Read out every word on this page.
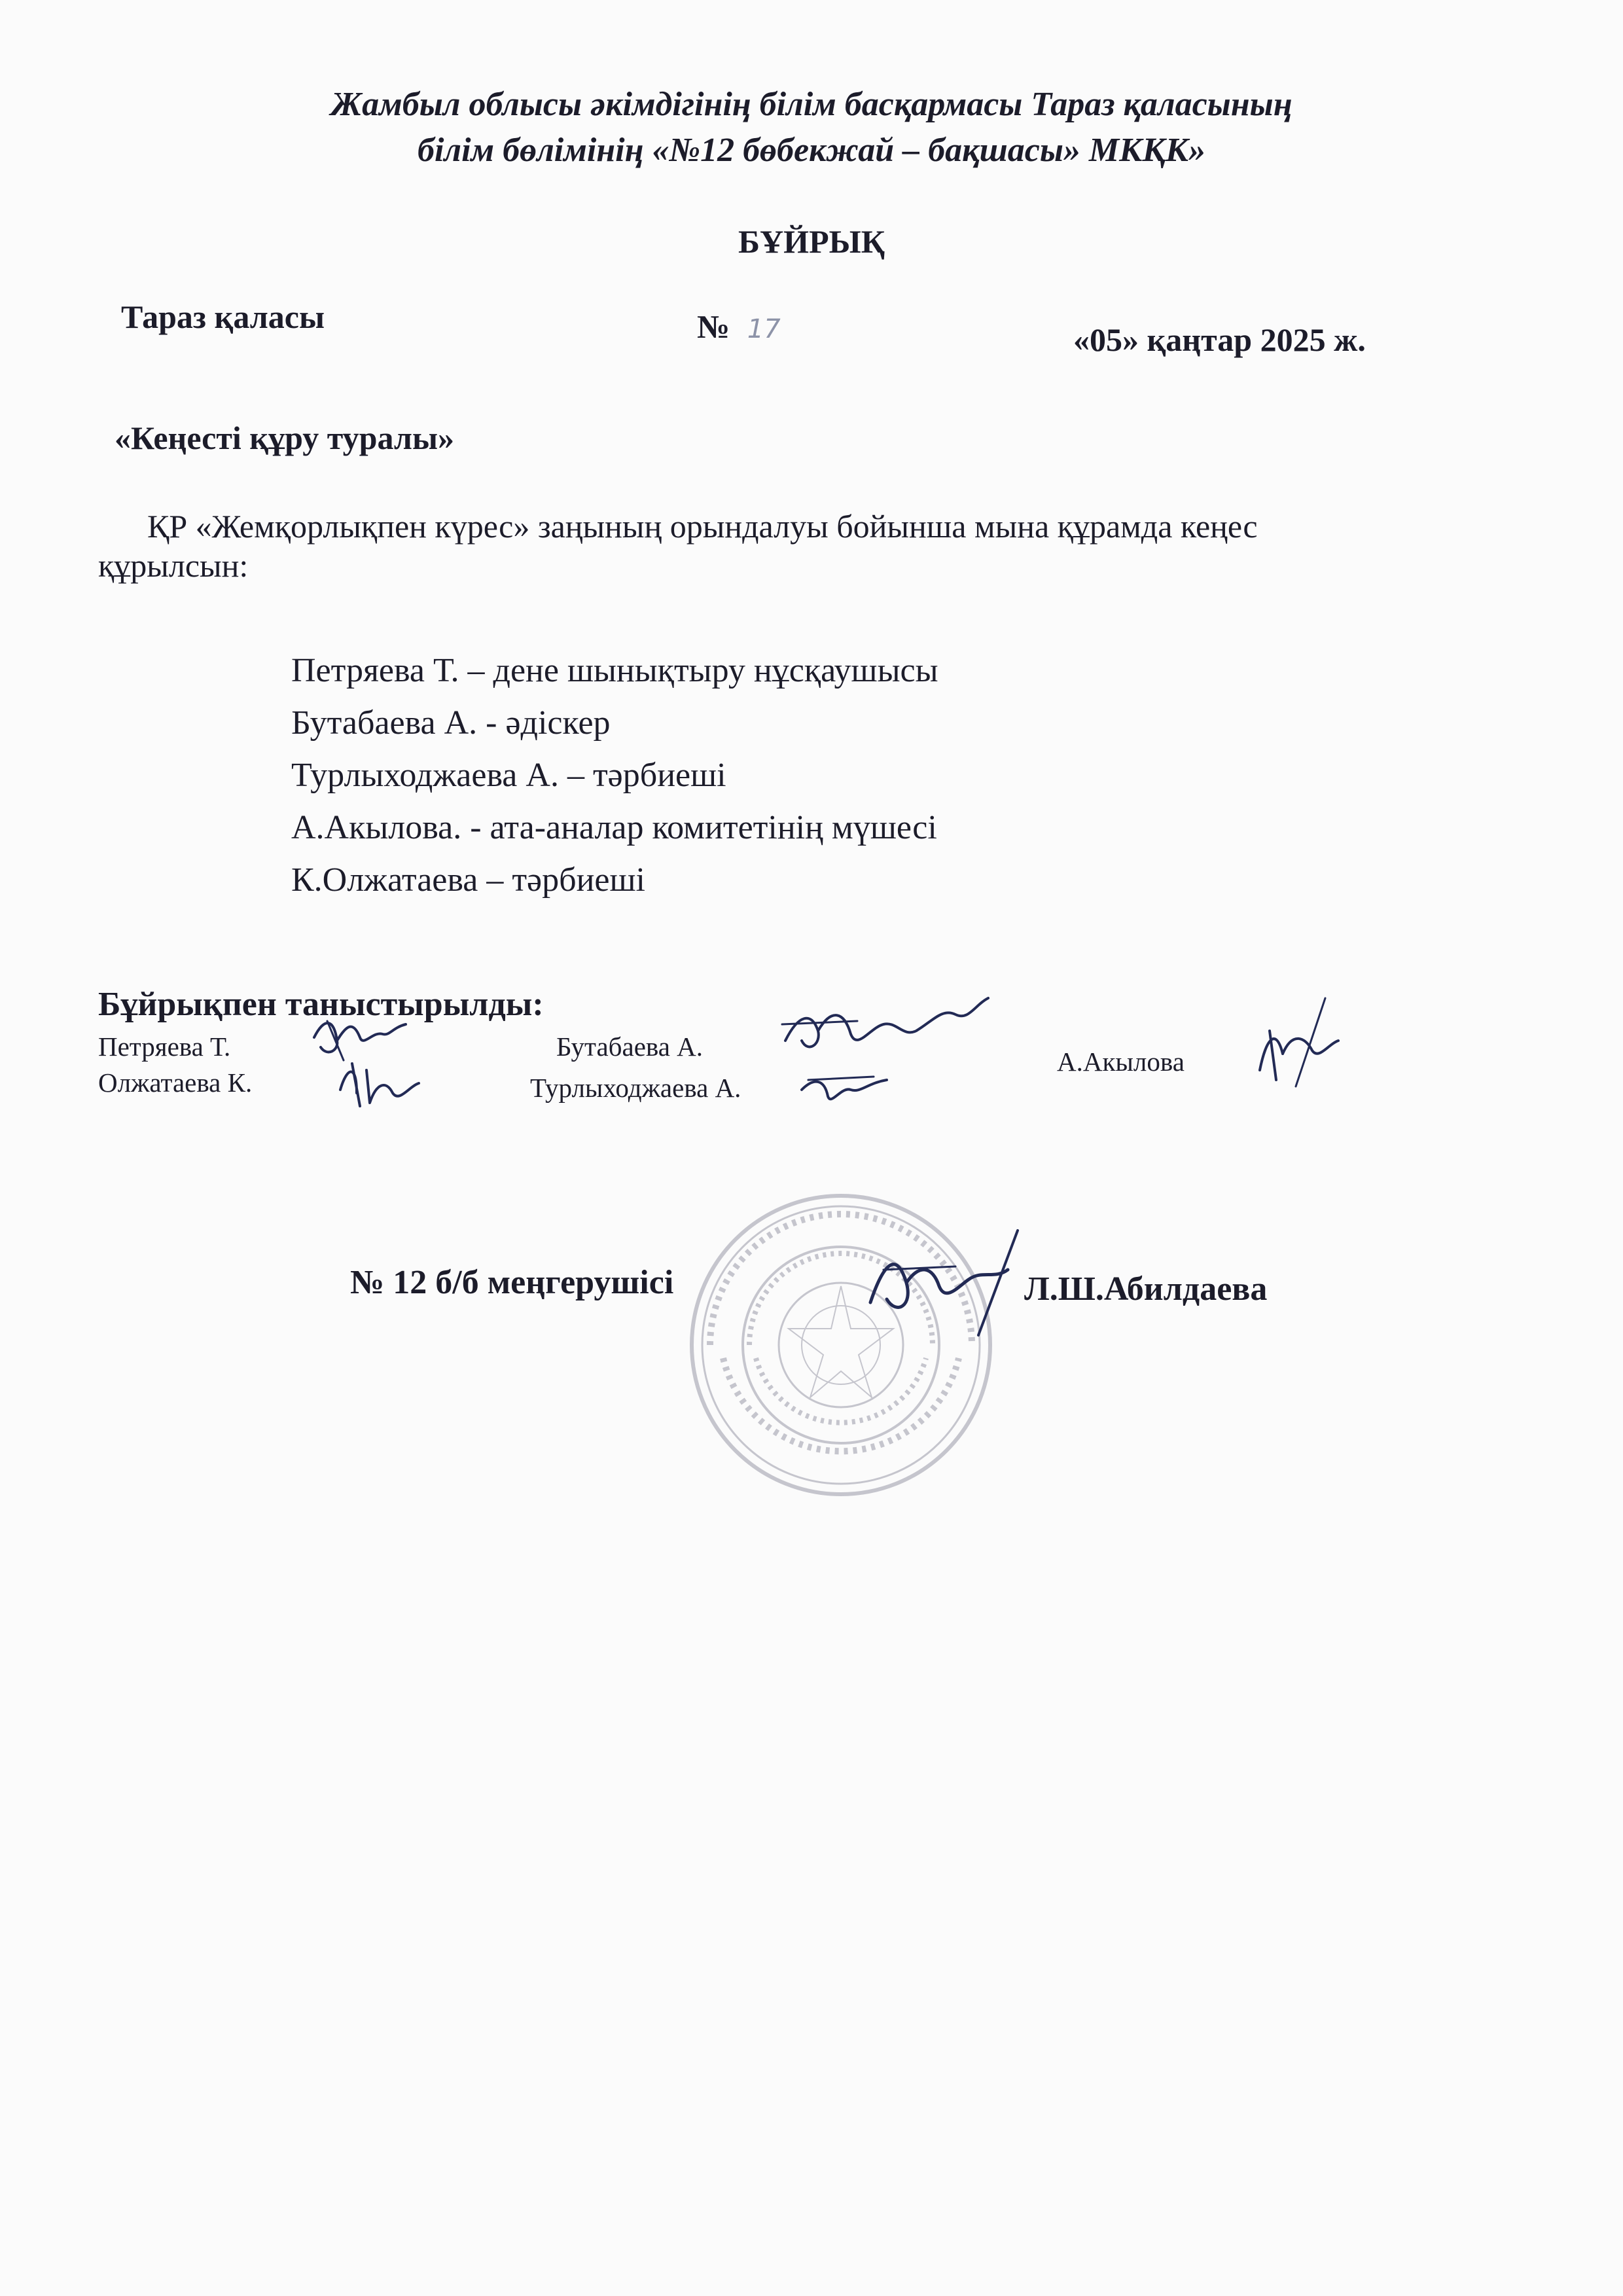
Жамбыл облысы әкімдігінің білім басқармасы Тараз қаласының
білім бөлімінің «№12 бөбекжай – бақшасы» МКҚК»
БҰЙРЫҚ
Тараз қаласы	№ 17	«05» қаңтар 2025 ж.
«Кеңесті құру туралы»
ҚР «Жемқорлықпен күрес» заңының орындалуы бойынша мына құрамда кеңес
құрылсын:
Петряева Т. – дене шынықтыру нұсқаушысы
Бутабаева А. - әдіскер
Турлыходжаева А. – тәрбиеші
А.Акылова. - ата-аналар комитетінің мүшесі
К.Олжатаева – тәрбиеші
Бұйрықпен таныстырылды:
Петряева Т.	Бутабаева А.	А.Акылова
Олжатаева К.	Турлыходжаева А.
№ 12 б/б меңгерушісі	Л.Ш.Абилдаева
